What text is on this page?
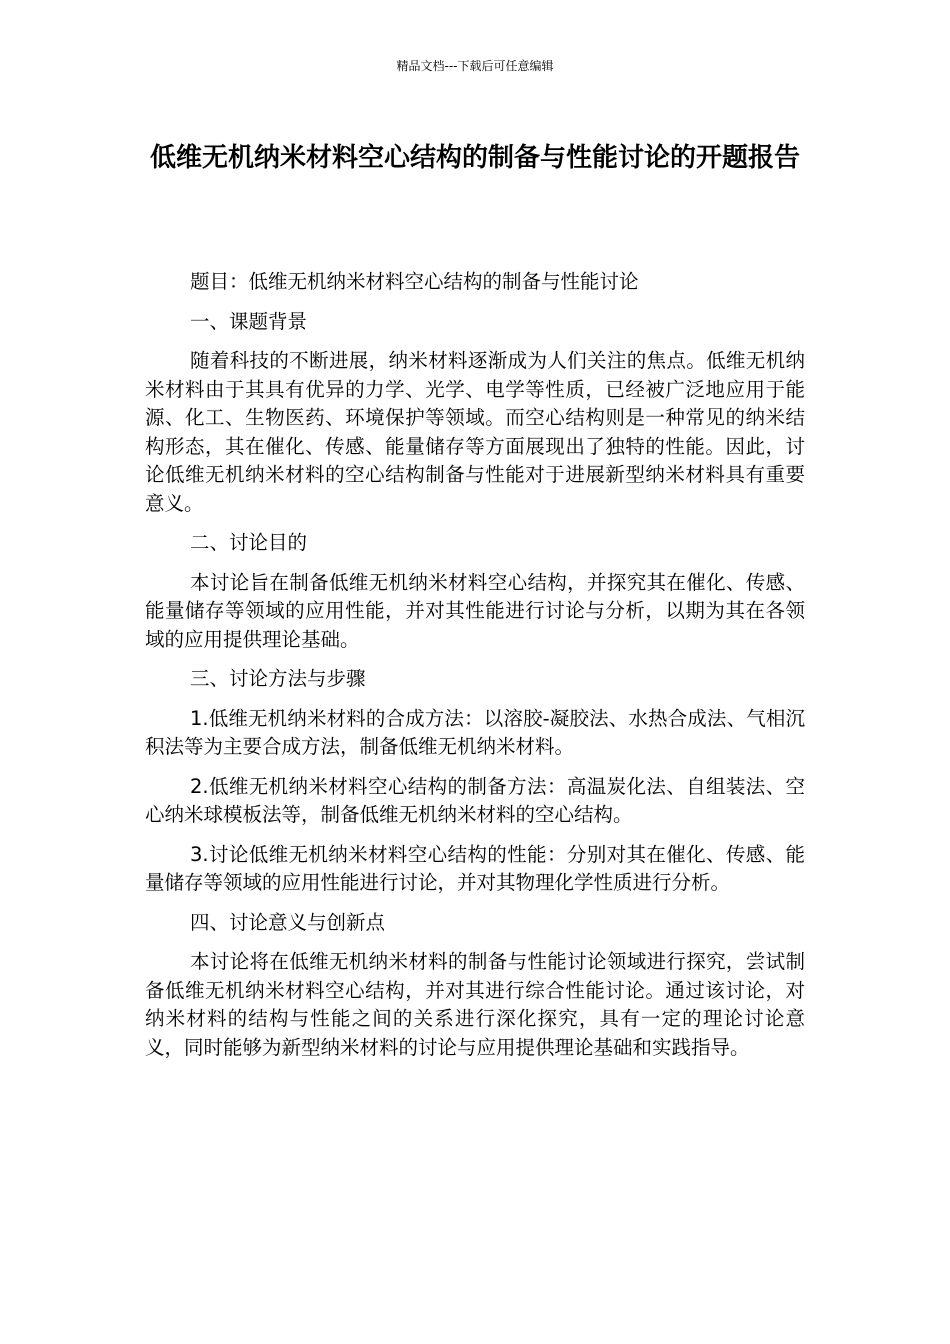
精品文档---下载后可任意编辑
低维无机纳米材料空心结构的制备与性能讨论的开题报告

题目：低维无机纳米材料空心结构的制备与性能讨论

一、课题背景

随着科技的不断进展，纳米材料逐渐成为人们关注的焦点。低维无机纳米材料由于其具有优异的力学、光学、电学等性质，已经被广泛地应用于能源、化工、生物医药、环境保护等领域。而空心结构则是一种常见的纳米结构形态，其在催化、传感、能量储存等方面展现出了独特的性能。因此，讨论低维无机纳米材料的空心结构制备与性能对于进展新型纳米材料具有重要意义。

二、讨论目的

本讨论旨在制备低维无机纳米材料空心结构，并探究其在催化、传感、能量储存等领域的应用性能，并对其性能进行讨论与分析，以期为其在各领域的应用提供理论基础。

三、讨论方法与步骤

1.低维无机纳米材料的合成方法：以溶胶-凝胶法、水热合成法、气相沉积法等为主要合成方法，制备低维无机纳米材料。

2.低维无机纳米材料空心结构的制备方法：高温炭化法、自组装法、空心纳米球模板法等，制备低维无机纳米材料的空心结构。

3.讨论低维无机纳米材料空心结构的性能：分别对其在催化、传感、能量储存等领域的应用性能进行讨论，并对其物理化学性质进行分析。

四、讨论意义与创新点

本讨论将在低维无机纳米材料的制备与性能讨论领域进行探究，尝试制备低维无机纳米材料空心结构，并对其进行综合性能讨论。通过该讨论，对纳米材料的结构与性能之间的关系进行深化探究，具有一定的理论讨论意义，同时能够为新型纳米材料的讨论与应用提供理论基础和实践指导。
